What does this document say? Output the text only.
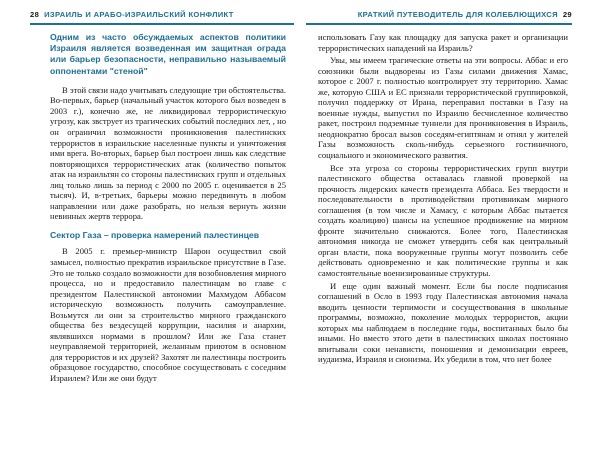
28 ИЗРАИЛЬ И АРАБО-ИЗРАИЛЬСКИЙ КОНФЛИКТ	КРАТКИЙ ПУТЕВОДИТЕЛЬ ДЛЯ КОЛЕБЛЮЩИХСЯ 29

Одним из часто обсуждаемых аспектов политики Израиля является возведенная им защитная ограда или барьер безопасности, неправильно называемый оппонентами "стеной"

В этой связи надо учитывать следующие три обстоятельства. Во-первых, барьер (начальный участок которого был возведен в 2003 г.), конечно же, не ликвидировал террористическую угрозу, как звструет из трагических событий последних лет, , но он ограничил возможности проникновения палестинских террористов в израильские населенные пункты и уничтожения ими врега. Во-вторых, барьер был построен лишь как следствие повторяющихся террористических атак (количество попыток атак на израильтян со стороны палестинских групп и отдельных лиц только лишь за период с 2000 по 2005 г. оценивается в 25 тысяч). И, в-третьих, барьеры можно передвинуть в любом направлении или даже разобрать, но нельзя вернуть жизни невинных жертв террора.

Сектор Газа – проверка намерений палестинцев

В 2005 г. премьер-министр Шарон осуществил свой замысел, полностью прекратив израильское присутствие в Газе. Это не только создало возможности для возобновления мирного процесса, но и предоставило палестинцам во главе с президентом Палестинской автономии Махмудом Аббасом историческую возможность получить самоуправление. Возьмутся ли они за строительство мирного гражданского общества без вездесущей коррупции, насилия и анархии, являвшихся нормами в прошлом? Или же Газа станет неуправляемой территорией, желанным приютом в основном для террористов и их друзей? Захотят ли палестинцы построить образцовое государство, способное сосуществовать с соседним Израилем? Или же они будут

использовать Газу как площадку для запуска ракет и организации террористических нападений на Израиль?

Увы, мы имеем трагические ответы на эти вопросы. Аббас и его союзники были выдворены из Газы силами движения Хамас, которое с 2007 г. полностью контролирует эту территорию. Хамас же, которую США и ЕС признали террористической группировкой, получил поддержку от Ирана, переправил поставки в Газу на военные нужды, выпустил по Израилю бесчисленное количество ракет, построил подземные туннели для проникновения в Израиль, неоднократно бросал вызов соседям-египтянам и отнял у жителей Газы возможность сколь-нибудь серьезного гостиничного, социального и экономического развития.

Все эта угроза со стороны террористических групп внутри палестинского общества оставалась главной проверкой на прочность лидерских качеств президента Аббаса. Без твердости и последовательности в противодействии противникам мирного соглашения (в том числе и Хамасу, с которым Аббас пытается создать коалицию) шансы на успешное продвижение на мирном фронте значительно снижаются. Более того, Палестинская автономия никогда не сможет утвердить себя как центральный орган власти, пока вооруженные группы могут позволить себе действовать одновременно и как политические группы и как самостоятельные военизированные структуры.

И еще один важный момент. Если бы после подписания соглашений в Осло в 1993 году Палестинская автономия начала вводить ценности терпимости и сосуществования в школьные программы, возможно, поколение молодых террористов, акции которых мы наблюдаем в последние годы, воспитанных было бы иными. Но вместо этого дети в палестинских школах постоянно впитывали соки ненависти, поношения и демонизации евреев, иудаизма, Израиля и сионизма. Их убедили в том, что нет более
